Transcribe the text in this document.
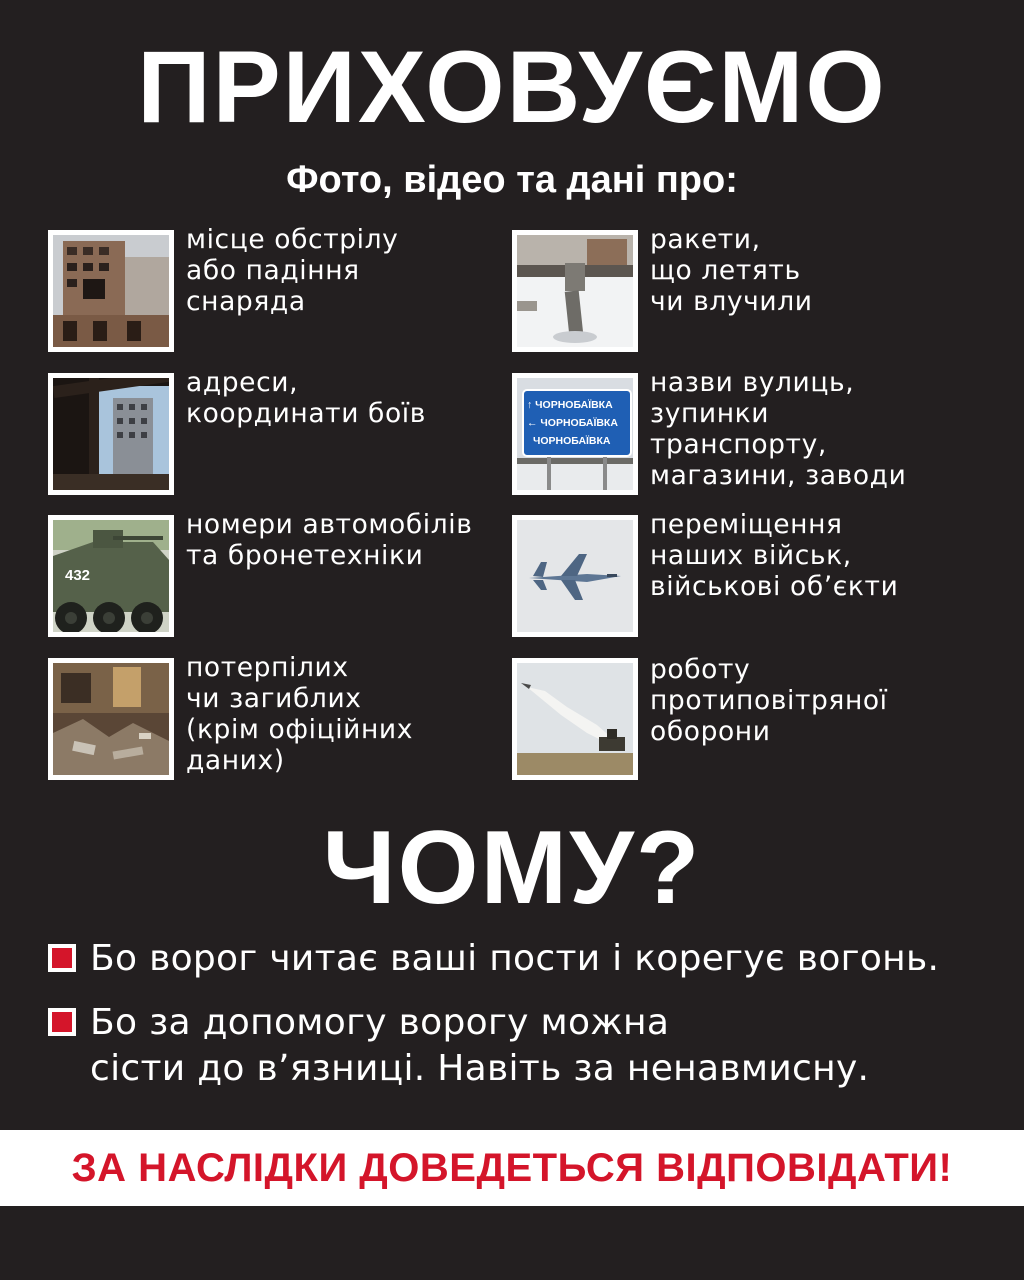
ПРИХОВУЄМО
Фото, відео та дані про:
місце обстрілу
або падіння
снаряда
ракети,
що летять
чи влучили
адреси,
координати боїв	↑ ЧОРНОБАЇВКА
← ЧОРНОБАЇВКА
ЧОРНОБАЇВКА
назви вулиць,
зупинки
транспорту,
магазини, заводи
432
номери автомобілів
та бронетехніки
переміщення
наших військ,
військові об’єкти
потерпілих
чи загиблих
(крім офіційних
даних)
роботу
протиповітряної
оборони
ЧОМУ?
Бо ворог читає ваші пости і корегує вогонь.
Бо за допомогу ворогу можна
сісти до в’язниці. Навіть за ненавмисну.
ЗА НАСЛІДКИ ДОВЕДЕТЬСЯ ВІДПОВІДАТИ!
